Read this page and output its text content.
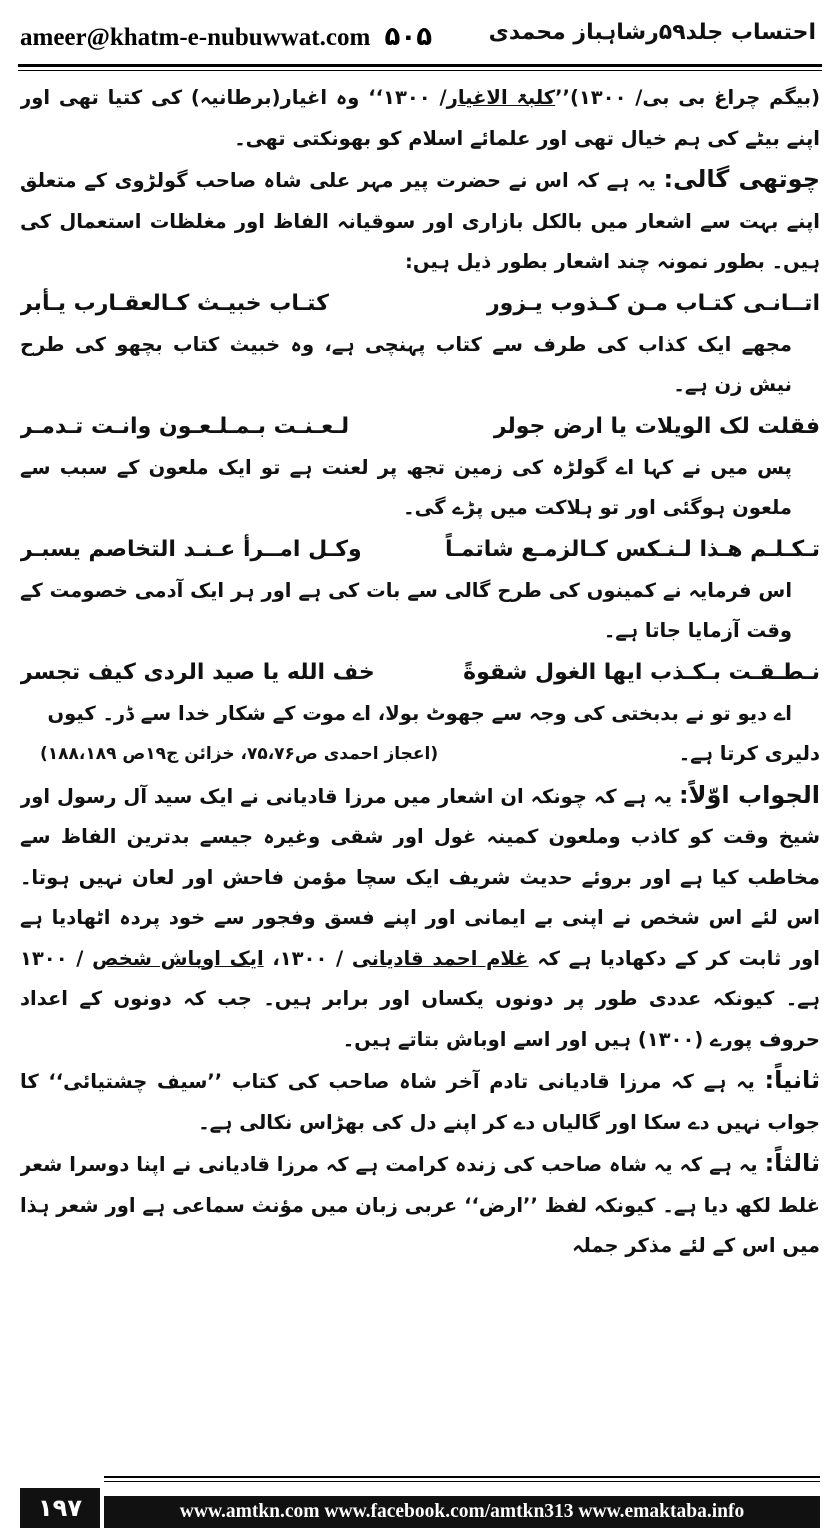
ameer@khatm-e-nubuwwat.com ۵۰۵	احتساب جلد۵۹رشاہباز محمدی

(بیگم چراغ بی بی/ ۱۳۰۰)’’کلبۃ الاغیار/ ۱۳۰۰‘‘ وہ اغیار(برطانیہ) کی کتیا تھی اور اپنے بیٹے کی ہم خیال تھی اور علمائے اسلام کو بھونکتی تھی۔

چوتھی گالی: یہ ہے کہ اس نے حضرت پیر مہر علی شاہ صاحب گولڑوی کے متعلق اپنے بہت سے اشعار میں بالکل بازاری اور سوقیانہ الفاظ اور مغلظات استعمال کی ہیں۔ بطور نمونہ چند اشعار بطور ذیل ہیں:

اتــانـی کتـاب مـن کـذوب یـزور
کتـاب خبیـث کـالعقـارب یـأبر

مجھے ایک کذاب کی طرف سے کتاب پہنچی ہے، وہ خبیث کتاب بچھو کی طرح نیش زن ہے۔

فقلت لک الویلات یا ارض جولر
لـعـنـت بـمـلـعـون وانـت تـدمـر

پس میں نے کہا اے گولڑہ کی زمین تجھ پر لعنت ہے تو ایک ملعون کے سبب سے ملعون ہوگئی اور تو ہلاکت میں پڑے گی۔

تـکـلـم هـذا لـنـکس کـالزمـع شاتمـاً
وکـل امــرأ عـنـد التخاصم یسبـر

اس فرمایہ نے کمینوں کی طرح گالی سے بات کی ہے اور ہر ایک آدمی خصومت کے وقت آزمایا جاتا ہے۔

نـطـقـت بـکـذب ایها الغول شقوةً
خف الله یا صید الردی کیف تجسر

اے دیو تو نے بدبختی کی وجہ سے جھوٹ بولا، اے موت کے شکار خدا سے ڈر۔ کیوں

دلیری کرتا ہے۔
(اعجاز احمدی ص۷۵،۷۶، خزائن ج۱۹ص ۱۸۸،۱۸۹)

الجواب اوّلاً: یہ ہے کہ چونکہ ان اشعار میں مرزا قادیانی نے ایک سید آل رسول اور شیخ وقت کو کاذب وملعون کمینہ غول اور شقی وغیرہ جیسے بدترین الفاظ سے مخاطب کیا ہے اور بروئے حدیث شریف ایک سچا مؤمن فاحش اور لعان نہیں ہوتا۔ اس لئے اس شخص نے اپنی بے ایمانی اور اپنے فسق وفجور سے خود پردہ اٹھادیا ہے اور ثابت کر کے دکھادیا ہے کہ غلام احمد قادیانی / ۱۳۰۰، ایک اوباش شخص / ۱۳۰۰ ہے۔ کیونکہ عددی طور پر دونوں یکساں اور برابر ہیں۔ جب کہ دونوں کے اعداد حروف پورے (۱۳۰۰) ہیں اور اسے اوباش بتاتے ہیں۔

ثانیاً: یہ ہے کہ مرزا قادیانی تادم آخر شاہ صاحب کی کتاب ’’سیف چشتیائی‘‘ کا جواب نہیں دے سکا اور گالیاں دے کر اپنے دل کی بھڑاس نکالی ہے۔

ثالثاً: یہ ہے کہ یہ شاہ صاحب کی زندہ کرامت ہے کہ مرزا قادیانی نے اپنا دوسرا شعر غلط لکھ دیا ہے۔ کیونکہ لفظ ’’ارض‘‘ عربی زبان میں مؤنث سماعی ہے اور شعر ہذا میں اس کے لئے مذکر جملہ

۱۹۷	www.amtkn.com www.facebook.com/amtkn313 www.emaktaba.info
